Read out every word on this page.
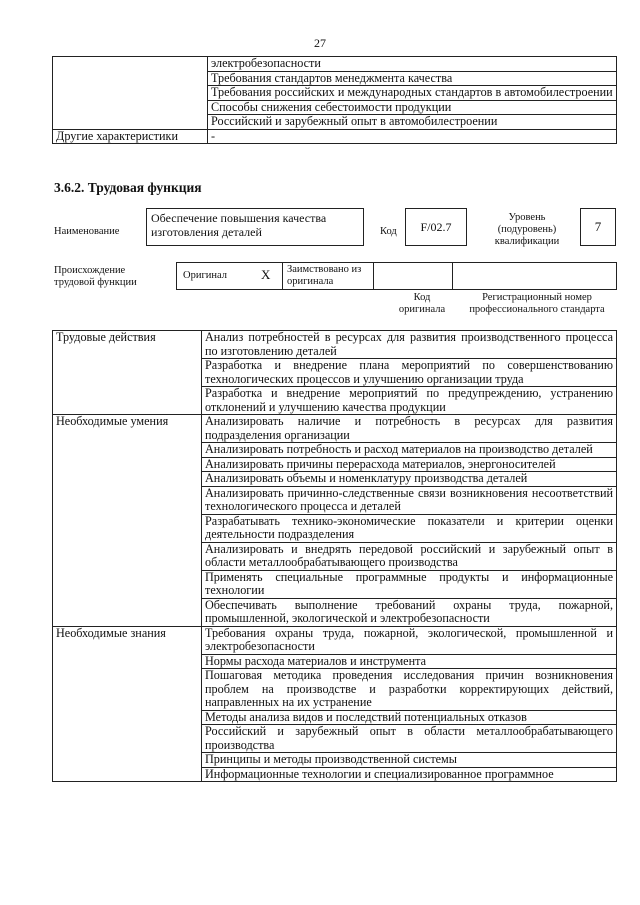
27
	электробезопасности
	Требования стандартов менеджмента качества
	Требования российских и международных стандартов в автомобилестроении
	Способы снижения себестоимости продукции
	Российский и зарубежный опыт в автомобилестроении
Другие характеристики	-
3.6.2. Трудовая функция
Наименование
Обеспечение повышения качества изготовления деталей	Код	F/02.7
Уровень (подуровень) квалификации
7
Происхождение трудовой функции
Оригинал	X Заимствовано из оригинала
Код оригинала
Регистрационный номер профессионального стандарта
Трудовые действия	Анализ потребностей в ресурсах для развития производственного процесса по изготовлению деталей
	Разработка и внедрение плана мероприятий по совершенствованию технологических процессов и улучшению организации труда
	Разработка и внедрение мероприятий по предупреждению, устранению отклонений и улучшению качества продукции
Необходимые умения	Анализировать наличие и потребность в ресурсах для развития подразделения организации
	Анализировать потребность и расход материалов на производство деталей
	Анализировать причины перерасхода материалов, энергоносителей
	Анализировать объемы и номенклатуру производства деталей
	Анализировать причинно-следственные связи возникновения несоответствий технологического процесса и деталей
	Разрабатывать технико-экономические показатели и критерии оценки деятельности подразделения
	Анализировать и внедрять передовой российский и зарубежный опыт в области металлообрабатывающего производства
	Применять специальные программные продукты и информационные технологии
	Обеспечивать выполнение требований охраны труда, пожарной, промышленной, экологической и электробезопасности
Необходимые знания	Требования охраны труда, пожарной, экологической, промышленной и электробезопасности
	Нормы расхода материалов и инструмента
	Пошаговая методика проведения исследования причин возникновения проблем на производстве и разработки корректирующих действий, направленных на их устранение
	Методы анализа видов и последствий потенциальных отказов
	Российский и зарубежный опыт в области металлообрабатывающего производства
	Принципы и методы производственной системы
	Информационные технологии и специализированное программное
